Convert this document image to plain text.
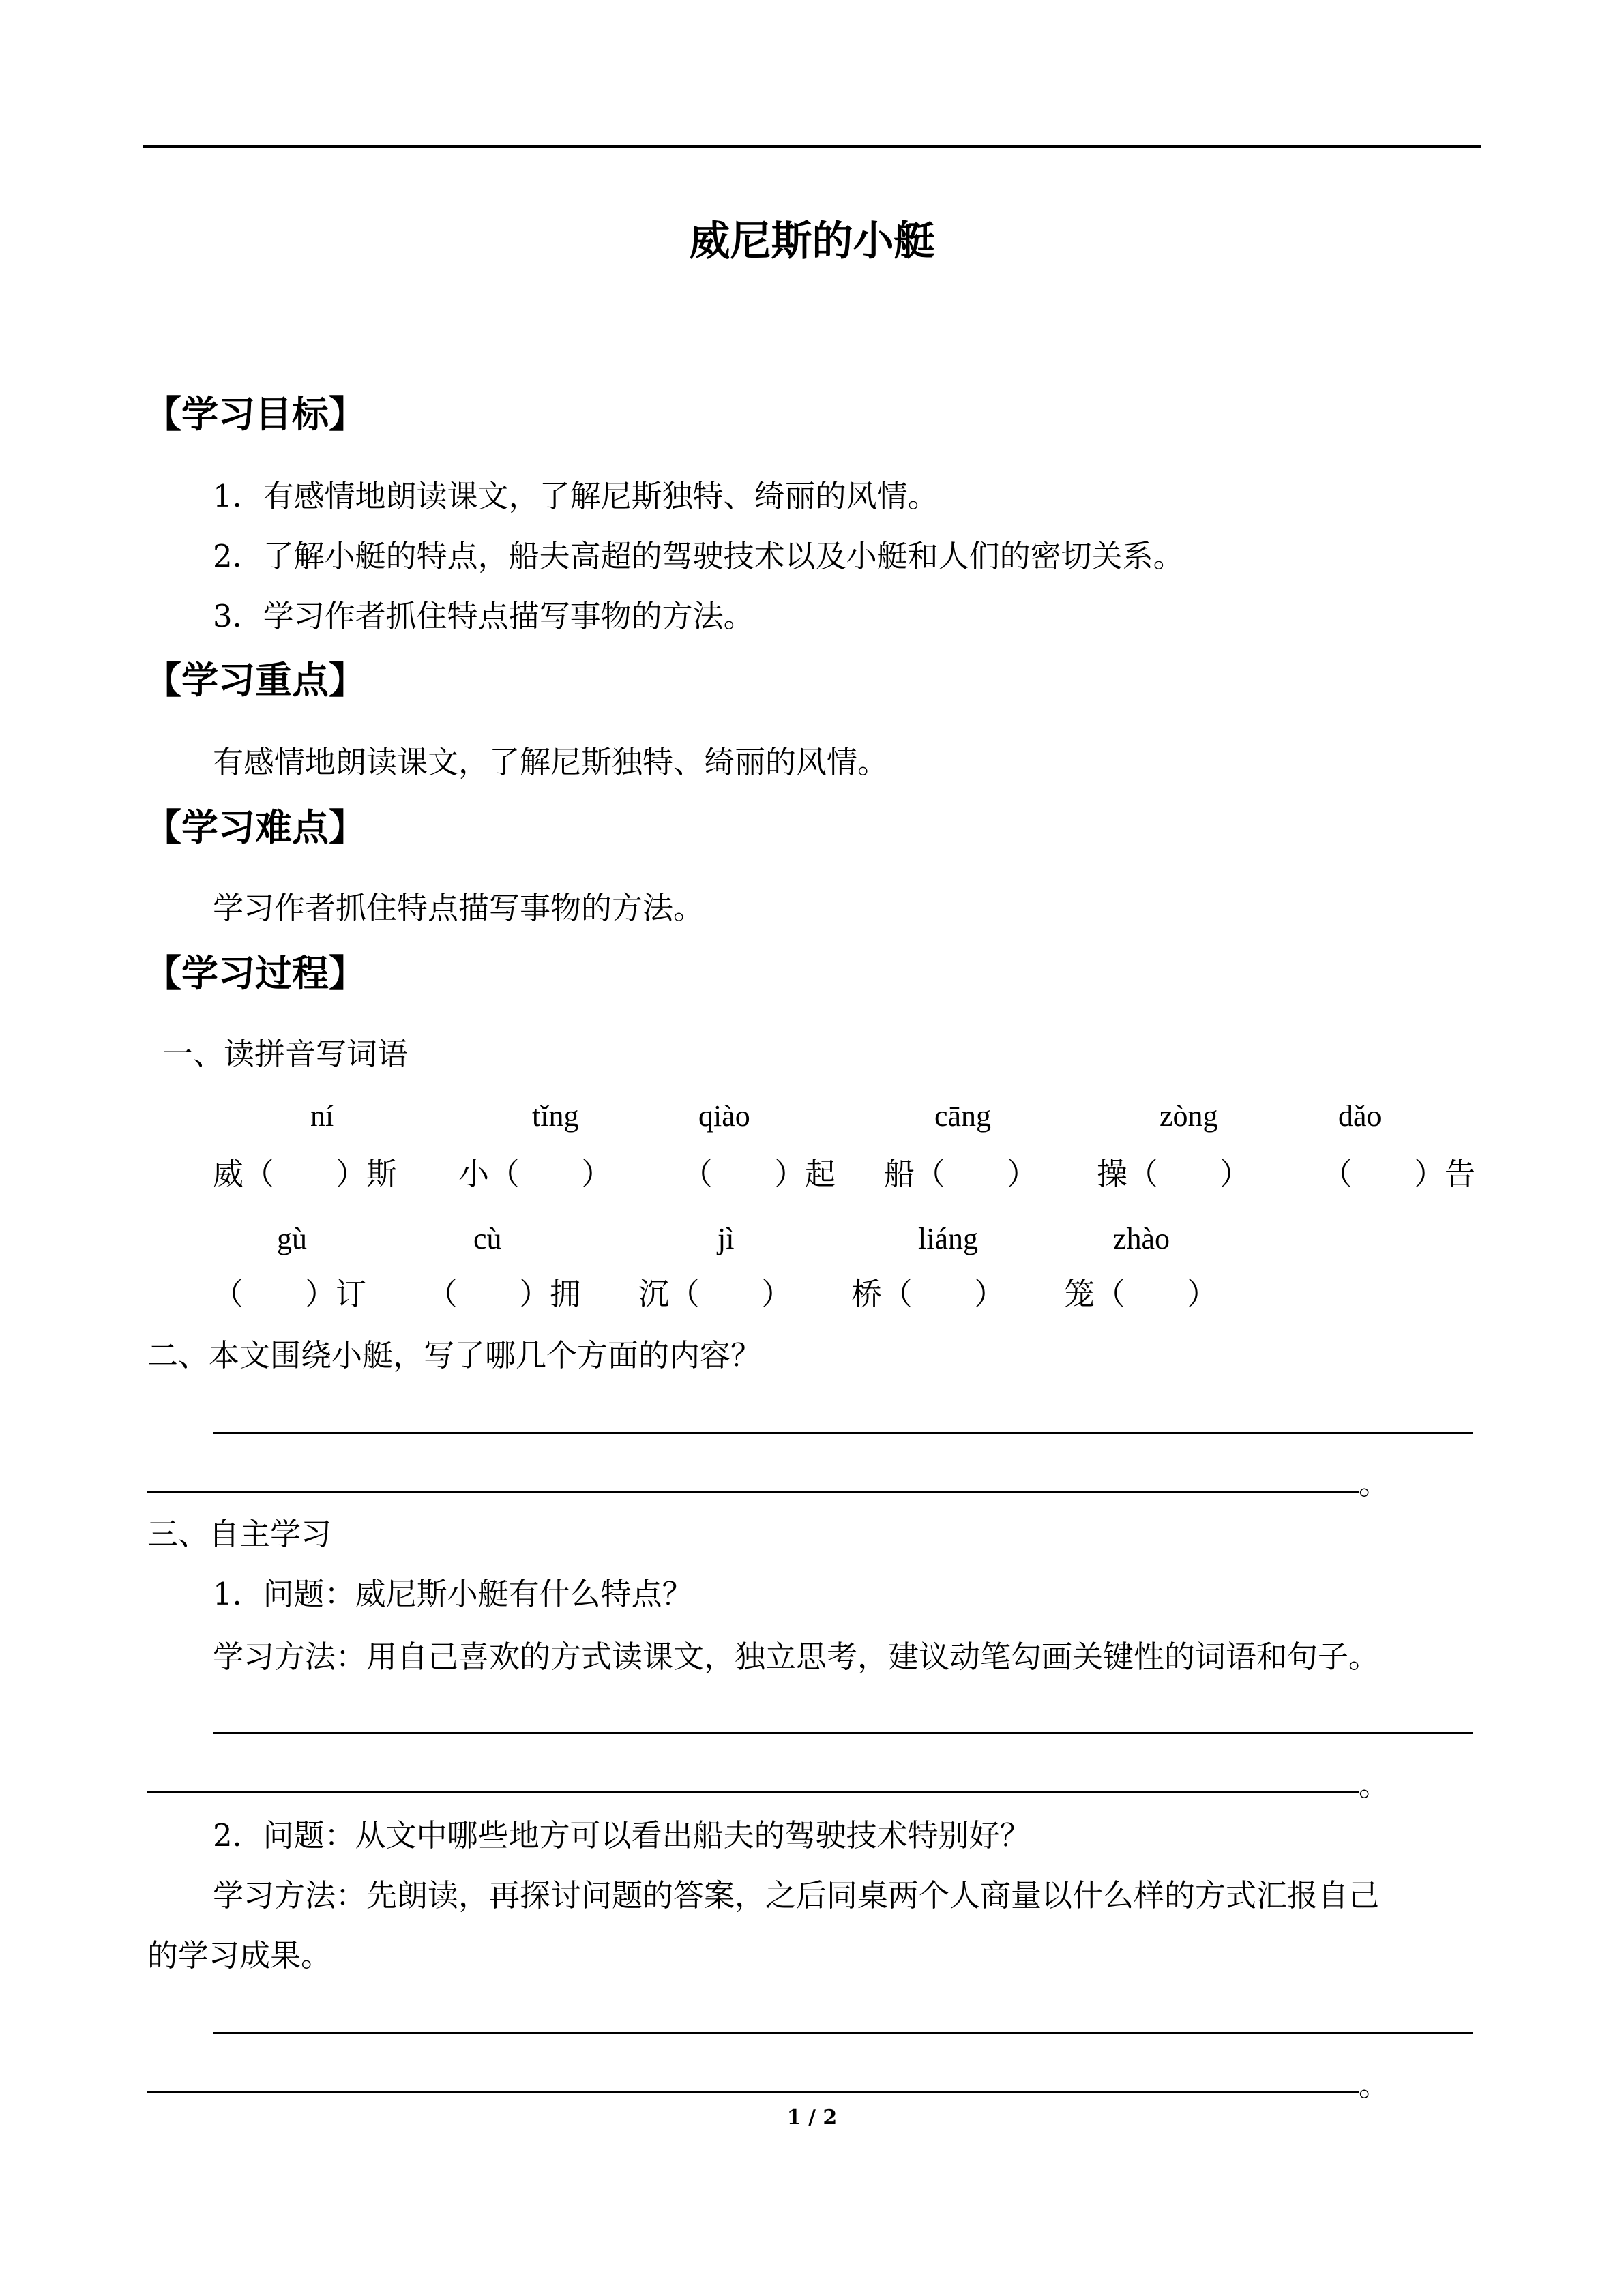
威尼斯的小艇
【学习目标】
1．有感情地朗读课文，了解尼斯独特、绮丽的风情。
2．了解小艇的特点，船夫高超的驾驶技术以及小艇和人们的密切关系。
3．学习作者抓住特点描写事物的方法。
【学习重点】
有感情地朗读课文，了解尼斯独特、绮丽的风情。
【学习难点】
学习作者抓住特点描写事物的方法。
【学习过程】
一、读拼音写词语
ní	tǐng	qiào	cāng	zòng	dǎo
威（　　）斯 小（　　） （　　）起 船（　　） 操（　　） （　　）告
gù	cù	jì	liáng	zhào
（　　）订 （　　）拥 沉（　　） 桥（　　） 笼（　　）
二、本文围绕小艇，写了哪几个方面的内容？
。
三、自主学习
1．问题：威尼斯小艇有什么特点？
学习方法：用自己喜欢的方式读课文，独立思考，建议动笔勾画关键性的词语和句子。
。
2．问题：从文中哪些地方可以看出船夫的驾驶技术特别好？
学习方法：先朗读，再探讨问题的答案，之后同桌两个人商量以什么样的方式汇报自己
的学习成果。
。
1 / 2
